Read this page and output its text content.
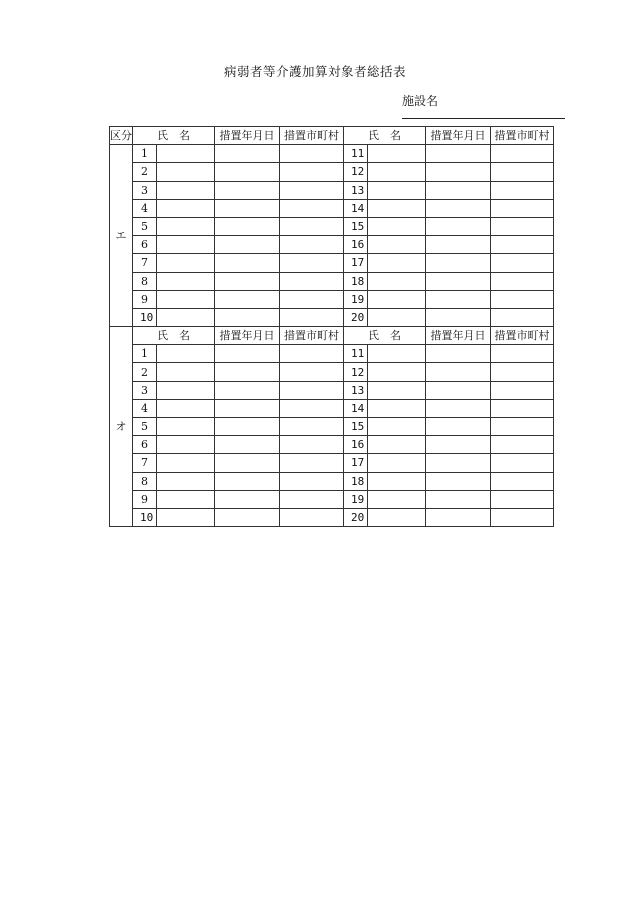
病弱者等介護加算対象者総括表
施設名
区分	氏　名		措置年月日	措置市町村	氏　名		措置年月日	措置市町村
エ	1				11			
	2				12			
	3				13			
	4				14			
	5				15			
	6				16			
	7				17			
	8				18			
	9				19			
	10				20			
オ	氏　名		措置年月日	措置市町村	氏　名		措置年月日	措置市町村
	1				11			
	2				12			
	3				13			
	4				14			
	5				15			
	6				16			
	7				17			
	8				18			
	9				19			
	10				20			
